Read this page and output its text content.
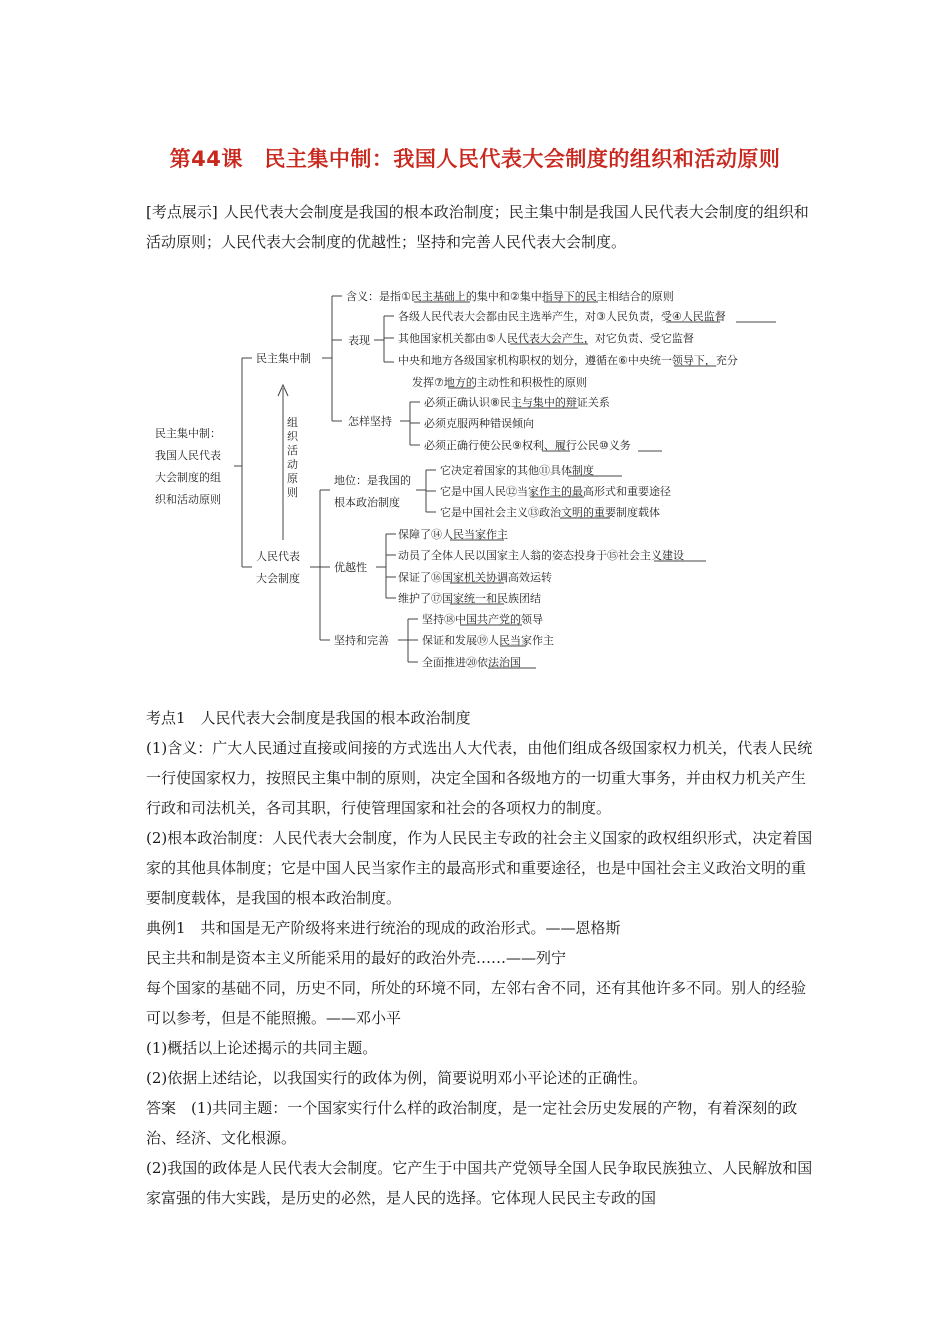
第44课　民主集中制：我国人民代表大会制度的组织和活动原则
[考点展示] 人民代表大会制度是我国的根本政治制度；民主集中制是我国人民代表大会制度的组织和活动原则；人民代表大会制度的优越性；坚持和完善人民代表大会制度。
民主集中制：
我国人民代表
大会制度的组
织和活动原则
组
织
活
动
原
则
民主集中制
含义：是指①民主基础上的集中和②集中指导下的民主相结合的原则
表现
各级人民代表大会都由民主选举产生，对③人民负责，受④人民监督
其他国家机关都由⑤人民代表大会产生，对它负责、受它监督
中央和地方各级国家机构职权的划分，遵循在⑥中央统一领导下，充分
发挥⑦地方的主动性和积极性的原则
怎样坚持
必须正确认识⑧民主与集中的辩证关系
必须克服两种错误倾向
必须正确行使公民⑨权利、履行公民⑩义务
人民代表
大会制度
地位：是我国的
根本政治制度
它决定着国家的其他⑪具体制度
它是中国人民⑫当家作主的最高形式和重要途径
它是中国社会主义⑬政治文明的重要制度载体
优越性
保障了⑭人民当家作主
动员了全体人民以国家主人翁的姿态投身于⑮社会主义建设
保证了⑯国家机关协调高效运转
维护了⑰国家统一和民族团结
坚持和完善
坚持⑱中国共产党的领导
保证和发展⑲人民当家作主
全面推进⑳依法治国

考点1　人民代表大会制度是我国的根本政治制度

(1)含义：广大人民通过直接或间接的方式选出人大代表，由他们组成各级国家权力机关，代表人民统一行使国家权力，按照民主集中制的原则，决定全国和各级地方的一切重大事务，并由权力机关产生行政和司法机关，各司其职，行使管理国家和社会的各项权力的制度。

(2)根本政治制度：人民代表大会制度，作为人民民主专政的社会主义国家的政权组织形式，决定着国家的其他具体制度；它是中国人民当家作主的最高形式和重要途径，也是中国社会主义政治文明的重要制度载体，是我国的根本政治制度。

典例1　共和国是无产阶级将来进行统治的现成的政治形式。——恩格斯

民主共和制是资本主义所能采用的最好的政治外壳……——列宁

每个国家的基础不同，历史不同，所处的环境不同，左邻右舍不同，还有其他许多不同。别人的经验可以参考，但是不能照搬。——邓小平

(1)概括以上论述揭示的共同主题。

(2)依据上述结论，以我国实行的政体为例，简要说明邓小平论述的正确性。

答案　(1)共同主题：一个国家实行什么样的政治制度，是一定社会历史发展的产物，有着深刻的政治、经济、文化根源。

(2)我国的政体是人民代表大会制度。它产生于中国共产党领导全国人民争取民族独立、人民解放和国家富强的伟大实践，是历史的必然，是人民的选择。它体现人民民主专政的国
